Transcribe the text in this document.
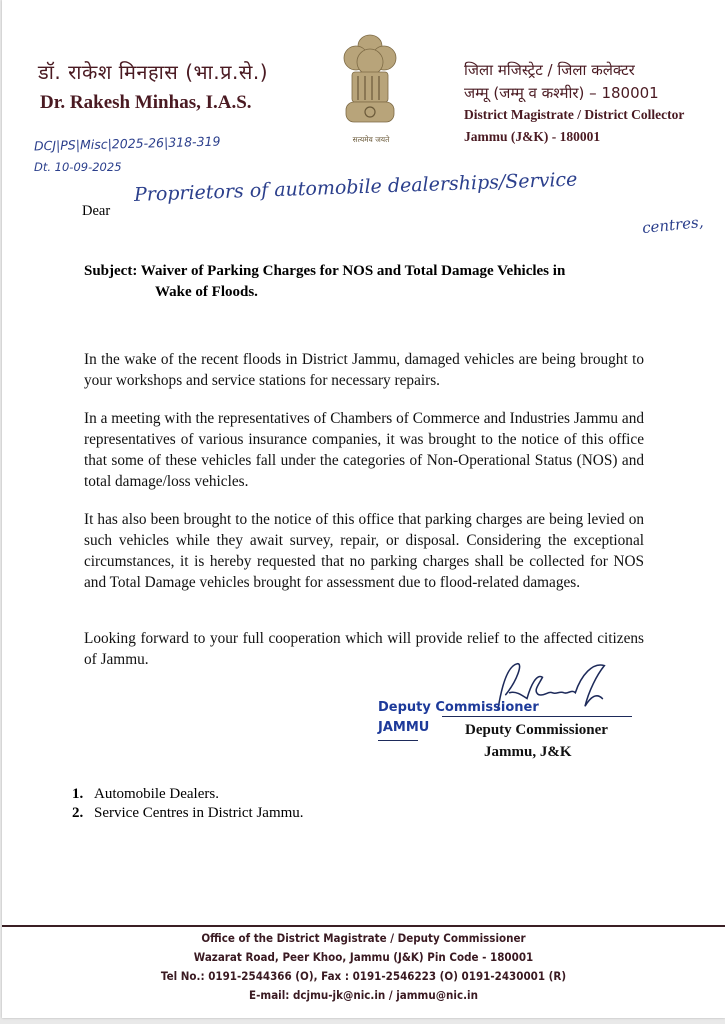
डॉ. राकेश मिनहास (भा.प्र.से.)
Dr. Rakesh Minhas, I.A.S.
DCJ|PS|Misc|2025-26|318-319
Dt. 10-09-2025
सत्यमेव जयते
जिला मजिस्ट्रेट / जिला कलेक्टर
जम्मू (जम्मू व कश्मीर) – 180001
District Magistrate / District Collector
Jammu (J&K) - 180001
Dear
Proprietors of automobile dealerships/Service
centres,
Subject: Waiver of Parking Charges for NOS and Total Damage Vehicles in
Wake of Floods.

In the wake of the recent floods in District Jammu, damaged vehicles are being brought to your workshops and service stations for necessary repairs.

In a meeting with the representatives of Chambers of Commerce and Industries Jammu and representatives of various insurance companies, it was brought to the notice of this office that some of these vehicles fall under the categories of Non-Operational Status (NOS) and total damage/loss vehicles.

It has also been brought to the notice of this office that parking charges are being levied on such vehicles while they await survey, repair, or disposal. Considering the exceptional circumstances, it is hereby requested that no parking charges shall be collected for NOS and Total Damage vehicles brought for assessment due to flood-related damages.

Looking forward to your full cooperation which will provide relief to the affected citizens of Jammu.

Deputy Commissioner
JAMMU Deputy Commissioner
Jammu, J&K
1. Automobile Dealers.
2. Service Centres in District Jammu.
Office of the District Magistrate / Deputy Commissioner
Wazarat Road, Peer Khoo, Jammu (J&K) Pin Code - 180001
Tel No.: 0191-2544366 (O), Fax : 0191-2546223 (O) 0191-2430001 (R)
E-mail: dcjmu-jk@nic.in / jammu@nic.in
